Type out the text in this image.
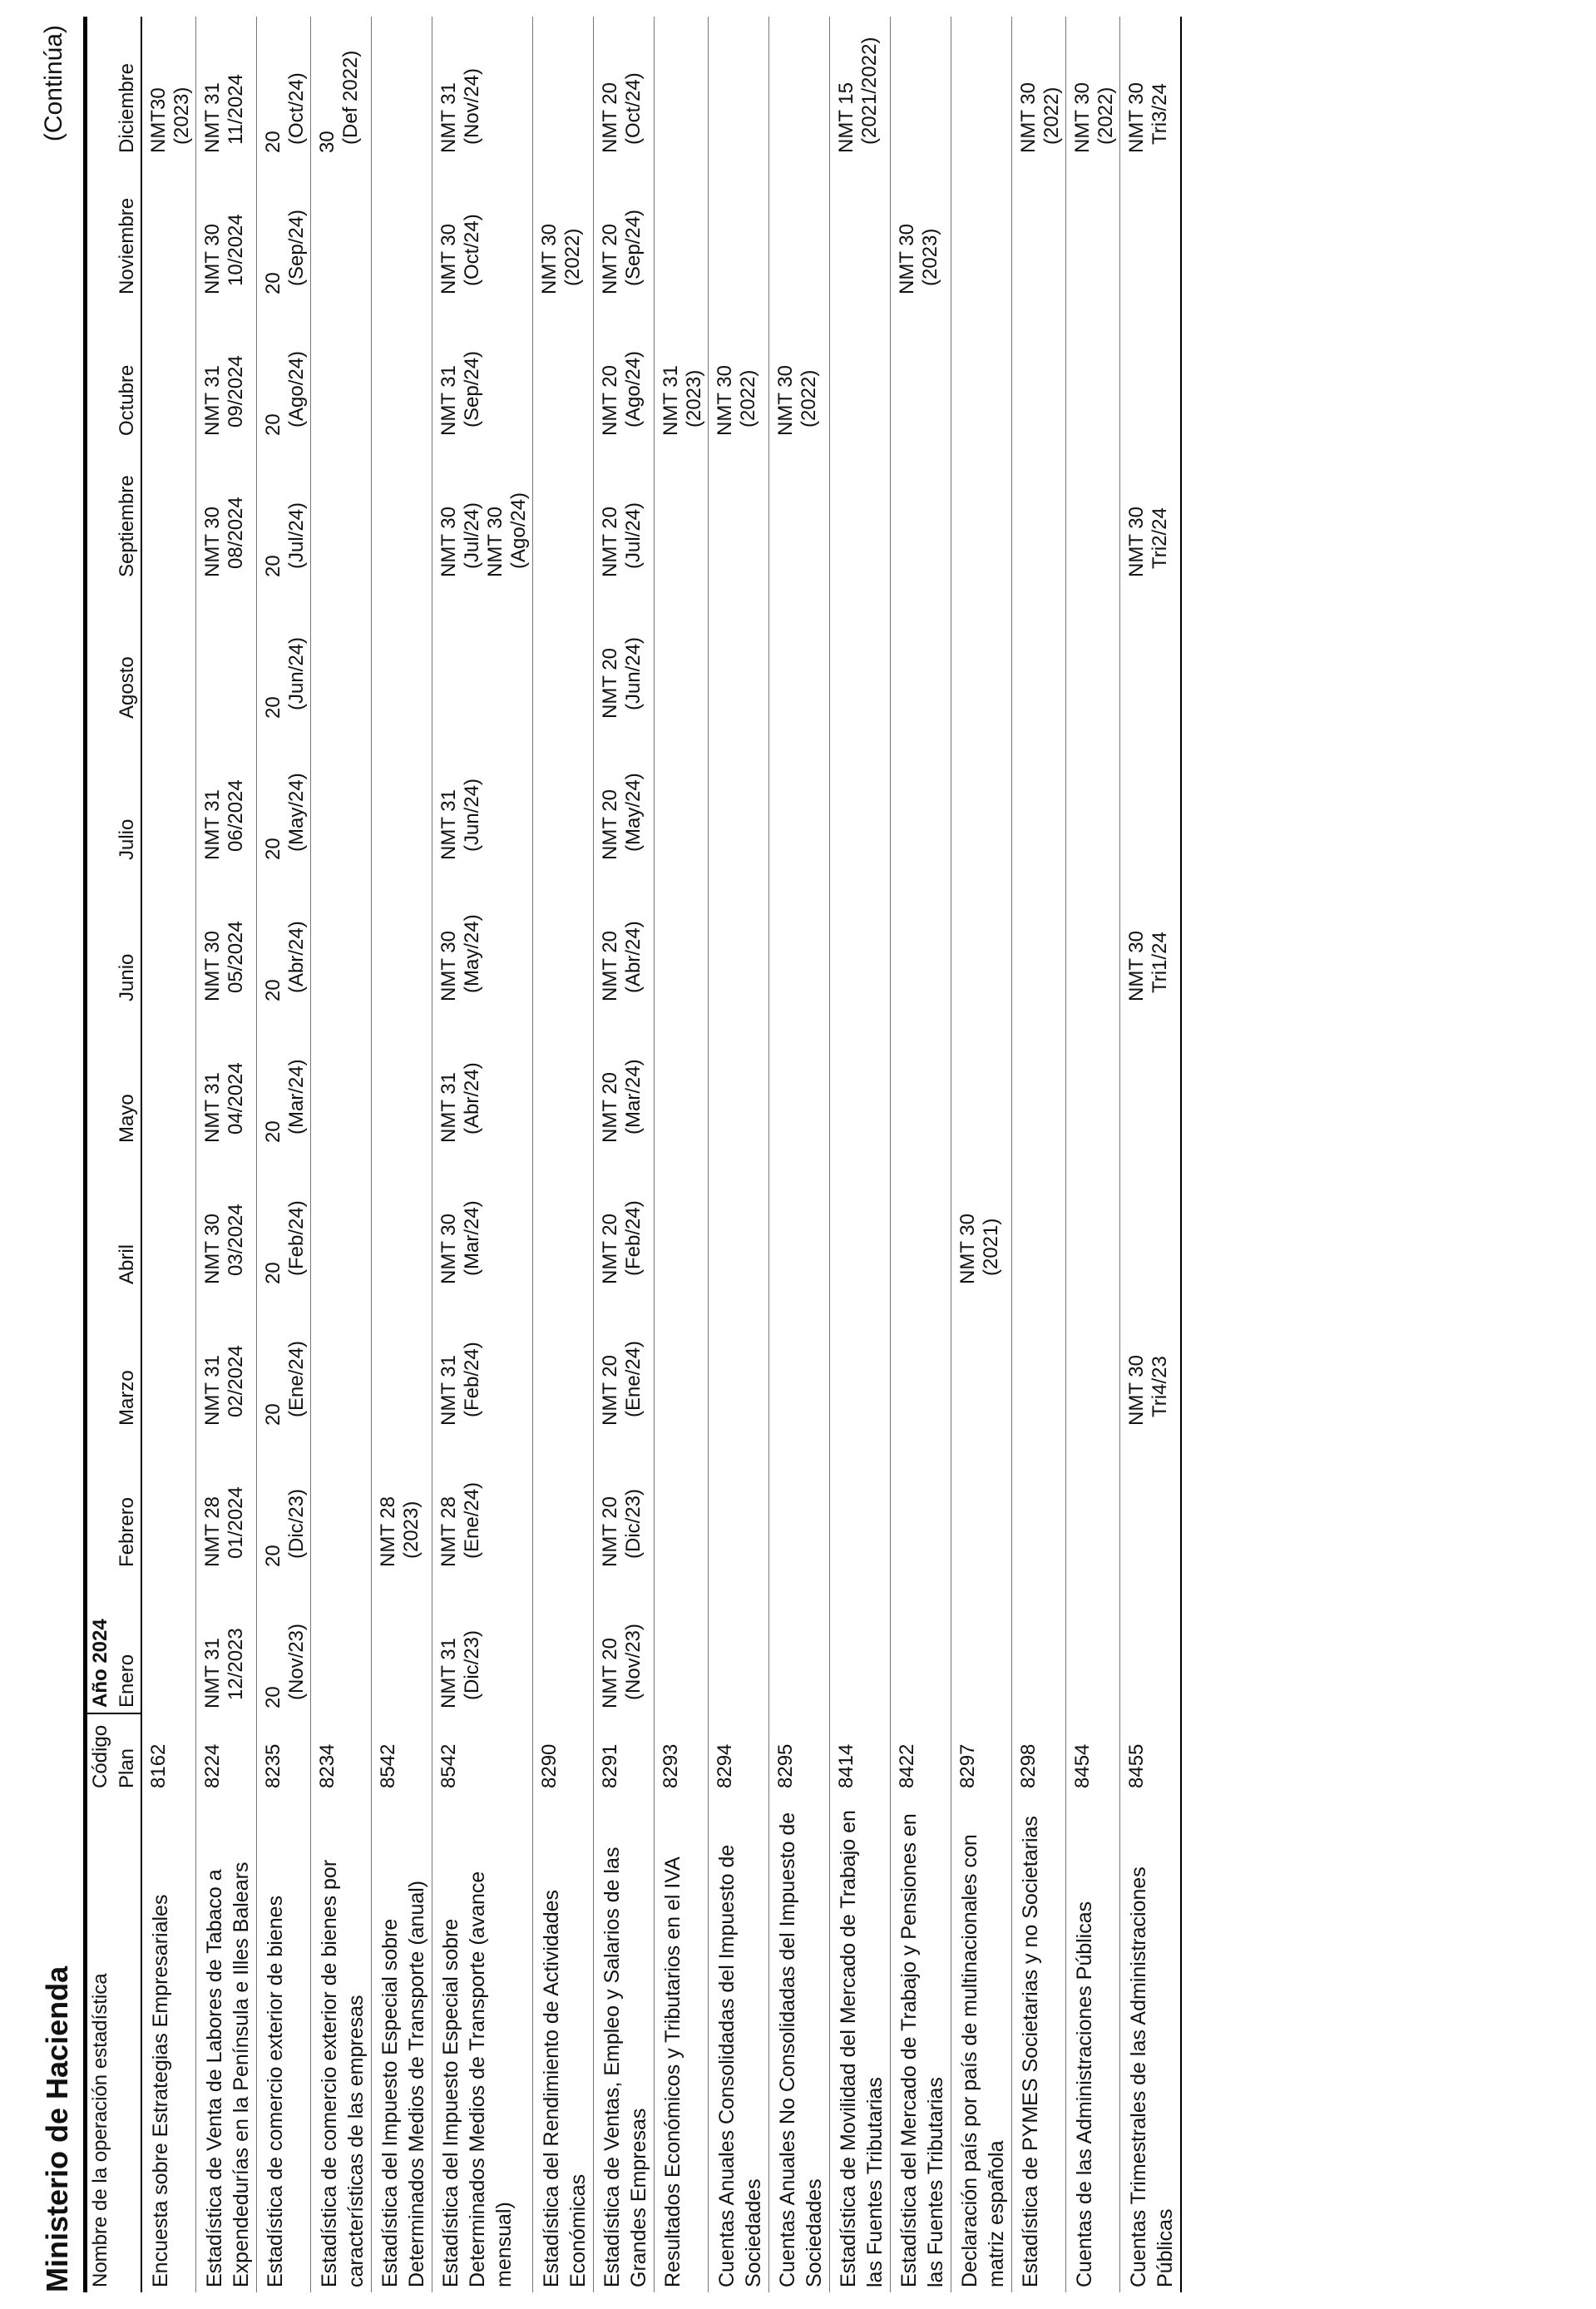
Ministerio de Hacienda
(Continúa)
Nombre de la operación estadística	Código	Año 2024											
	Plan	Enero	Febrero	Marzo	Abril	Mayo	Junio	Julio	Agosto	Septiembre	Octubre	Noviembre	Diciembre
Encuesta sobre Estrategias Empresariales	8162												NMT30 (2023)

Estadística de Venta de Labores de Tabaco a Expendedurías en la Península e Illes Balears	8224	NMT 31 12/2023	NMT 28 01/2024	NMT 31 02/2024	NMT 30 03/2024	NMT 31 04/2024	NMT 30 05/2024	NMT 31 06/2024		NMT 30 08/2024	NMT 31 09/2024	NMT 30 10/2024	NMT 31 11/2024

Estadística de comercio exterior de bienes	8235	20 (Nov/23)	20 (Dic/23)	20 (Ene/24)	20 (Feb/24)	20 (Mar/24)	20 (Abr/24)	20 (May/24)	20 (Jun/24)	20 (Jul/24)	20 (Ago/24)	20 (Sep/24)	20 (Oct/24)

Estadística de comercio exterior de bienes por características de las empresas	8234												30 (Def 2022)

Estadística del Impuesto Especial sobre Determinados Medios de Transporte (anual)	8542		NMT 28 (2023)										

Estadística del Impuesto Especial sobre Determinados Medios de Transporte (avance mensual)	8542	NMT 31 (Dic/23)	NMT 28 (Ene/24)	NMT 31 (Feb/24)	NMT 30 (Mar/24)	NMT 31 (Abr/24)	NMT 30 (May/24)	NMT 31 (Jun/24)		NMT 30 (Jul/24) NMT 30 (Ago/24)	NMT 31 (Sep/24)	NMT 30 (Oct/24)	NMT 31 (Nov/24)

Estadística del Rendimiento de Actividades Económicas	8290											NMT 30 (2022)	

Estadística de Ventas, Empleo y Salarios de las Grandes Empresas	8291	NMT 20 (Nov/23)	NMT 20 (Dic/23)	NMT 20 (Ene/24)	NMT 20 (Feb/24)	NMT 20 (Mar/24)	NMT 20 (Abr/24)	NMT 20 (May/24)	NMT 20 (Jun/24)	NMT 20 (Jul/24)	NMT 20 (Ago/24)	NMT 20 (Sep/24)	NMT 20 (Oct/24)

Resultados Económicos y Tributarios en el IVA	8293										NMT 31 (2023)		

Cuentas Anuales Consolidadas del Impuesto de Sociedades	8294										NMT 30 (2022)		

Cuentas Anuales No Consolidadas del Impuesto de Sociedades	8295										NMT 30 (2022)		

Estadística de Movilidad del Mercado de Trabajo en las Fuentes Tributarias	8414												NMT 15 (2021/2022)

Estadística del Mercado de Trabajo y Pensiones en las Fuentes Tributarias	8422											NMT 30 (2023)	

Declaración país por país de multinacionales con matriz española	8297				NMT 30 (2021)								

Estadística de PYMES Societarias y no Societarias	8298												NMT 30 (2022)

Cuentas de las Administraciones Públicas	8454												NMT 30 (2022)

Cuentas Trimestrales de las Administraciones Públicas	8455			NMT 30 Tri4/23			NMT 30 Tri1/24			NMT 30 Tri2/24			NMT 30 Tri3/24
